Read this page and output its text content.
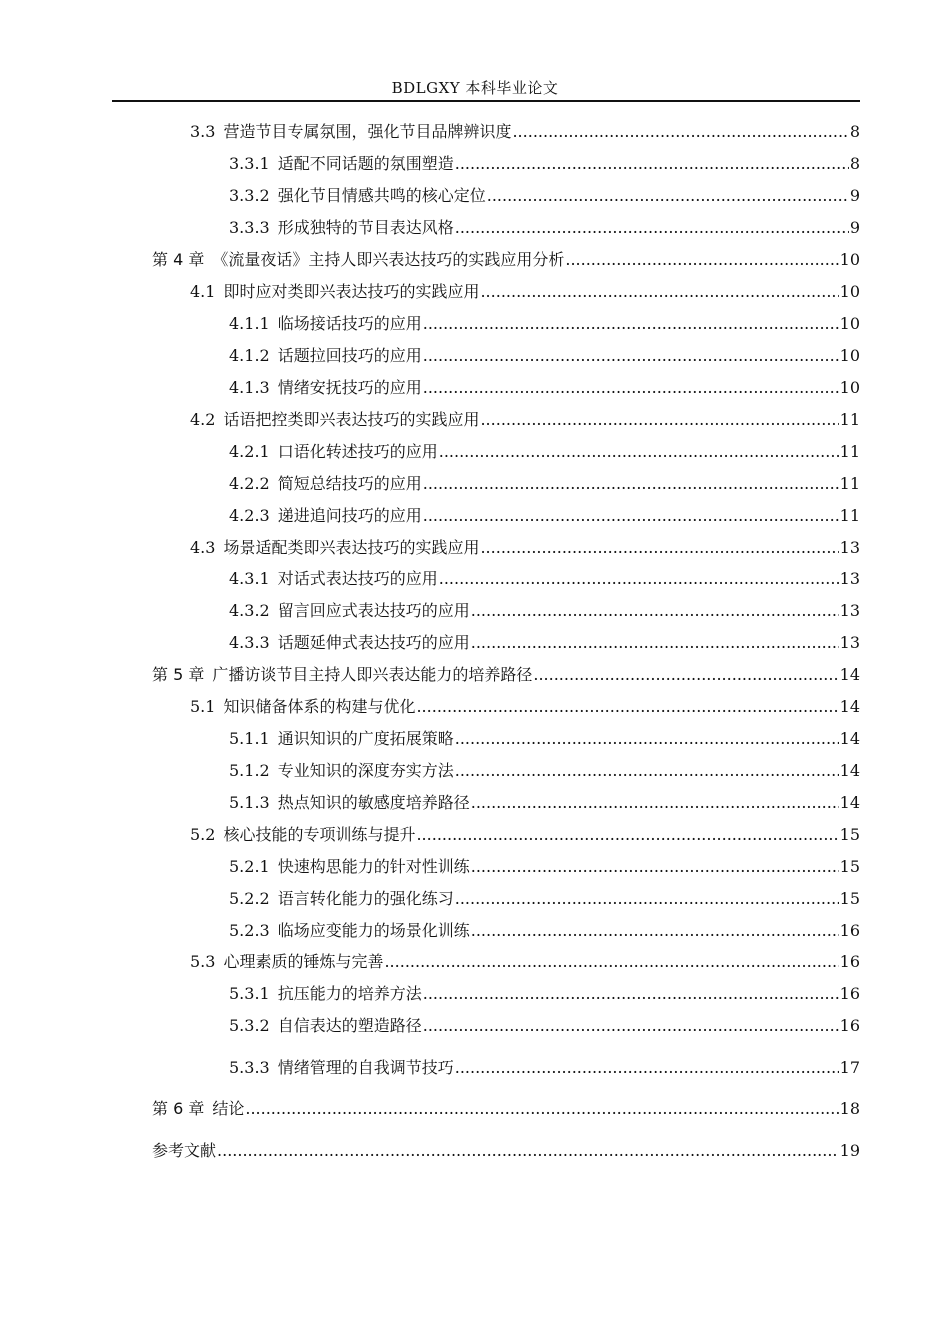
BDLGXY 本科毕业论文
3.3 营造节目专属氛围，强化节目品牌辨识度 .....	8
3.3.1 适配不同话题的氛围塑造 .....	8
3.3.2 强化节目情感共鸣的核心定位 .....	9
3.3.3 形成独特的节目表达风格 .....	9
第 4 章 《流量夜话》主持人即兴表达技巧的实践应用分析 .....	10
4.1 即时应对类即兴表达技巧的实践应用 .....	10
4.1.1 临场接话技巧的应用 .....	10
4.1.2 话题拉回技巧的应用 .....	10
4.1.3 情绪安抚技巧的应用 .....	10
4.2 话语把控类即兴表达技巧的实践应用 .....	11
4.2.1 口语化转述技巧的应用 .....	11
4.2.2 简短总结技巧的应用 .....	11
4.2.3 递进追问技巧的应用 .....	11
4.3 场景适配类即兴表达技巧的实践应用 .....	13
4.3.1 对话式表达技巧的应用 .....	13
4.3.2 留言回应式表达技巧的应用 .....	13
4.3.3 话题延伸式表达技巧的应用 .....	13
第 5 章 广播访谈节目主持人即兴表达能力的培养路径 .....	14
5.1 知识储备体系的构建与优化 .....	14
5.1.1 通识知识的广度拓展策略 .....	14
5.1.2 专业知识的深度夯实方法 .....	14
5.1.3 热点知识的敏感度培养路径 .....	14
5.2 核心技能的专项训练与提升 .....	15
5.2.1 快速构思能力的针对性训练 .....	15
5.2.2 语言转化能力的强化练习 .....	15
5.2.3 临场应变能力的场景化训练 .....	16
5.3 心理素质的锤炼与完善 .....	16
5.3.1 抗压能力的培养方法 .....	16
5.3.2 自信表达的塑造路径 .....	16
5.3.3 情绪管理的自我调节技巧 .....	17
第 6 章 结论 .....	18
参考文献 .....	19
